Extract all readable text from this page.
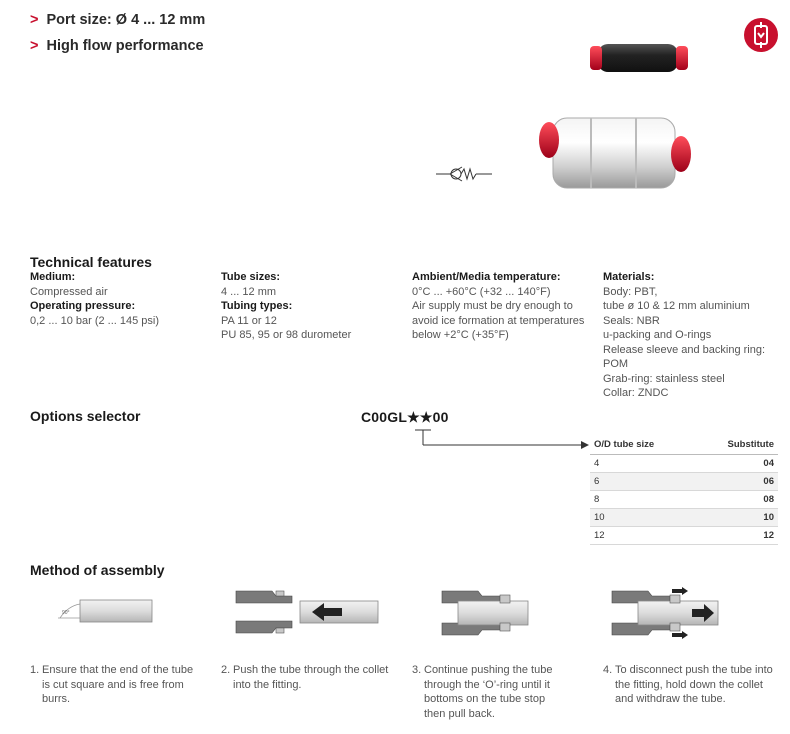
> Port size: Ø 4 ... 12 mm
> High flow performance
Technical features
Medium:
Compressed air
Operating pressure:
0,2 ... 10 bar (2 ... 145 psi)
Tube sizes:
4 ... 12 mm
Tubing types:
PA 11 or 12
PU 85, 95 or 98 durometer
Ambient/Media temperature:
0°C ... +60°C (+32 ... 140°F)
Air supply must be dry enough to
avoid ice formation at temperatures
below +2°C (+35°F)
Materials:
Body: PBT,
tube ø 10 & 12 mm aluminium
Seals: NBR
u-packing and O-rings
Release sleeve and backing ring:
POM
Grab-ring: stainless steel
Collar: ZNDC
Options selector	C00GL★★00
O/D tube size	Substitute
4	04
6	06
8	08
10	10
12	12
Method of assembly
90°
1. Ensure that the end of the tube
is cut square and is free from
burrs.
2. Push the tube through the collet
into the fitting.
3. Continue pushing the tube
through the ‘O’-ring until it
bottoms on the tube stop
then pull back.
4. To disconnect push the tube into
the fitting, hold down the collet
and withdraw the tube.
